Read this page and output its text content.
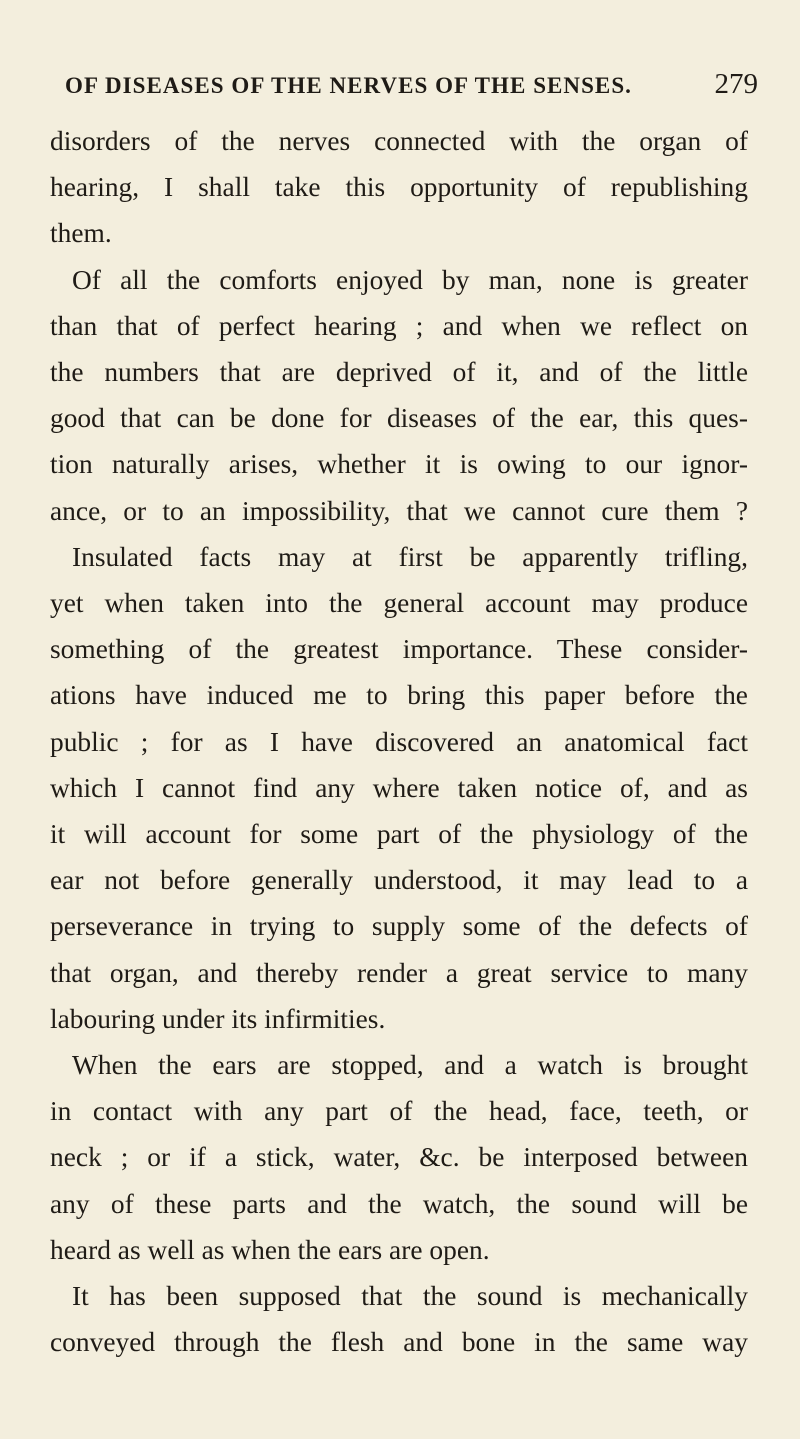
OF DISEASES OF THE NERVES OF THE SENSES.	279

disorders of the nerves connected with the organ of
hearing, I shall take this opportunity of republishing
them.

Of all the comforts enjoyed by man, none is greater
than that of perfect hearing ; and when we reflect on
the numbers that are deprived of it, and of the little
good that can be done for diseases of the ear, this ques-
tion naturally arises, whether it is owing to our ignor-
ance, or to an impossibility, that we cannot cure them ?
Insulated facts may at first be apparently trifling,
yet when taken into the general account may produce
something of the greatest importance. These consider-
ations have induced me to bring this paper before the
public ; for as I have discovered an anatomical fact
which I cannot find any where taken notice of, and as
it will account for some part of the physiology of the
ear not before generally understood, it may lead to a
perseverance in trying to supply some of the defects of
that organ, and thereby render a great service to many
labouring under its infirmities.

When the ears are stopped, and a watch is brought
in contact with any part of the head, face, teeth, or
neck ; or if a stick, water, &c. be interposed between
any of these parts and the watch, the sound will be
heard as well as when the ears are open.

It has been supposed that the sound is mechanically
conveyed through the flesh and bone in the same way
